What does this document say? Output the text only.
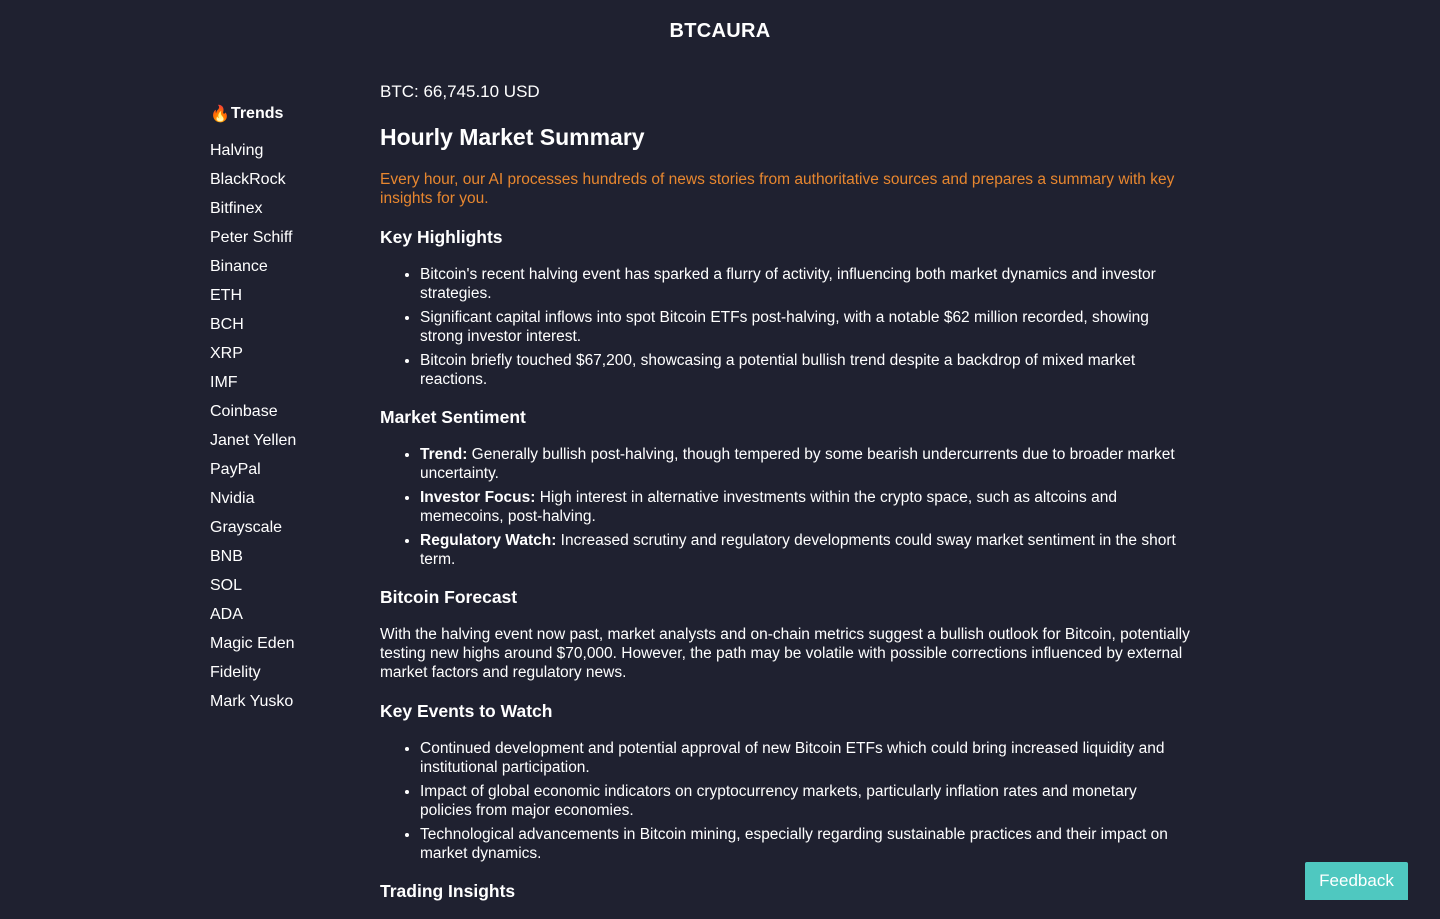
BTCAURA
🔥 Trends
Halving
BlackRock
Bitfinex
Peter Schiff
Binance
ETH
BCH
XRP
IMF
Coinbase
Janet Yellen
PayPal
Nvidia
Grayscale
BNB
SOL
ADA
Magic Eden
Fidelity
Mark Yusko
BTC: 66,745.10 USD
Hourly Market Summary

Every hour, our AI processes hundreds of news stories from authoritative sources and prepares a summary with key insights for you.

Key Highlights
• Bitcoin's recent halving event has sparked a flurry of activity, influencing both market dynamics and investor strategies.
• Significant capital inflows into spot Bitcoin ETFs post-halving, with a notable $62 million recorded, showing strong investor interest.
• Bitcoin briefly touched $67,200, showcasing a potential bullish trend despite a backdrop of mixed market reactions.
Market Sentiment
• Trend: Generally bullish post-halving, though tempered by some bearish undercurrents due to broader market uncertainty.
• Investor Focus: High interest in alternative investments within the crypto space, such as altcoins and memecoins, post-halving.
• Regulatory Watch: Increased scrutiny and regulatory developments could sway market sentiment in the short term.
Bitcoin Forecast

With the halving event now past, market analysts and on-chain metrics suggest a bullish outlook for Bitcoin, potentially testing new highs around $70,000. However, the path may be volatile with possible corrections influenced by external market factors and regulatory news.

Key Events to Watch
• Continued development and potential approval of new Bitcoin ETFs which could bring increased liquidity and institutional participation.
• Impact of global economic indicators on cryptocurrency markets, particularly inflation rates and monetary policies from major economies.
• Technological advancements in Bitcoin mining, especially regarding sustainable practices and their impact on market dynamics.
Trading Insights
Feedback
